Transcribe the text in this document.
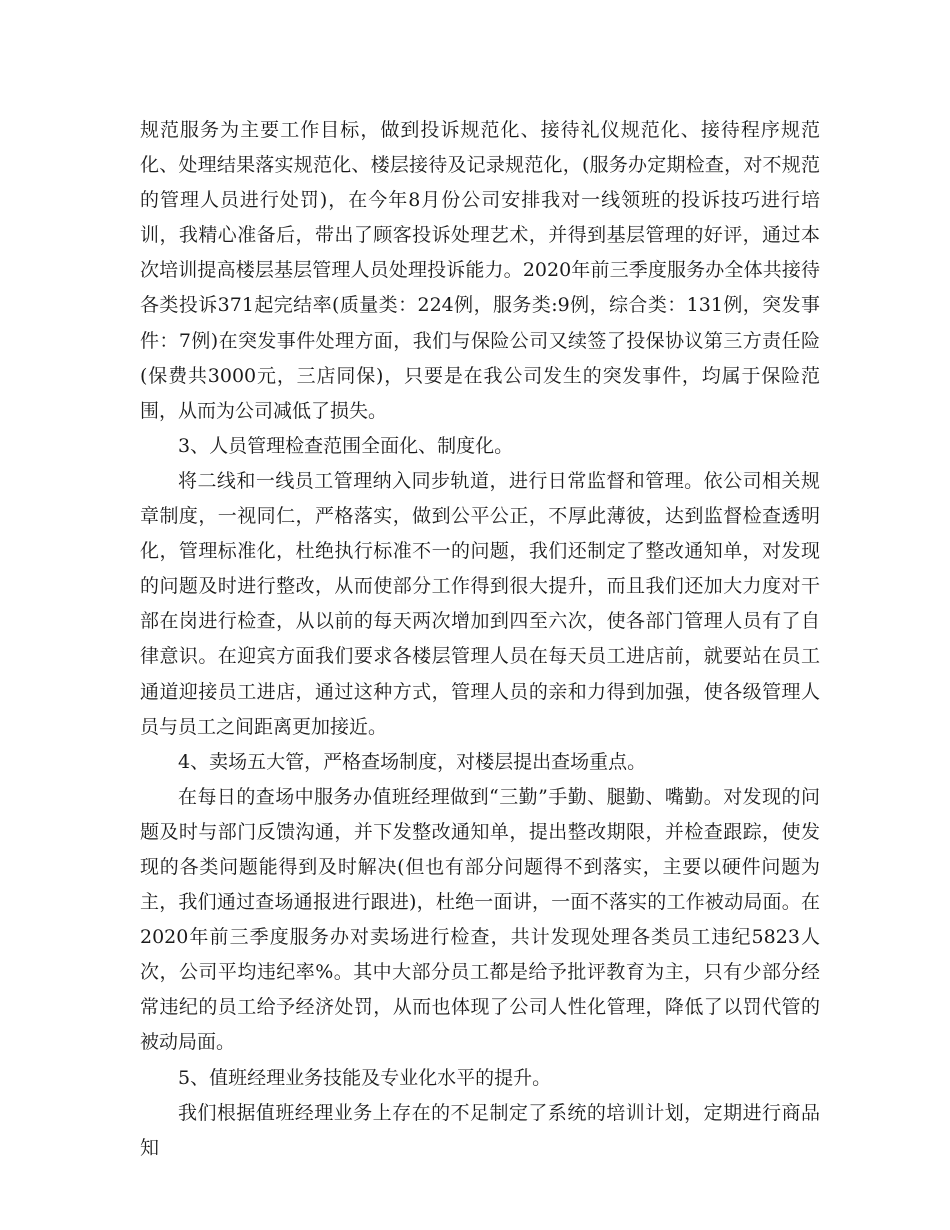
规范服务为主要工作目标，做到投诉规范化、接待礼仪规范化、接待程序规范化、处理结果落实规范化、楼层接待及记录规范化，(服务办定期检查，对不规范的管理人员进行处罚)，在今年8月份公司安排我对一线领班的投诉技巧进行培训，我精心准备后，带出了顾客投诉处理艺术，并得到基层管理的好评，通过本次培训提高楼层基层管理人员处理投诉能力。2020年前三季度服务办全体共接待各类投诉371起完结率(质量类：224例，服务类:9例，综合类：131例，突发事件：7例)在突发事件处理方面，我们与保险公司又续签了投保协议第三方责任险(保费共3000元，三店同保)，只要是在我公司发生的突发事件，均属于保险范围，从而为公司减低了损失。

3、人员管理检查范围全面化、制度化。

将二线和一线员工管理纳入同步轨道，进行日常监督和管理。依公司相关规章制度，一视同仁，严格落实，做到公平公正，不厚此薄彼，达到监督检查透明化，管理标准化，杜绝执行标准不一的问题，我们还制定了整改通知单，对发现的问题及时进行整改，从而使部分工作得到很大提升，而且我们还加大力度对干部在岗进行检查，从以前的每天两次增加到四至六次，使各部门管理人员有了自律意识。在迎宾方面我们要求各楼层管理人员在每天员工进店前，就要站在员工通道迎接员工进店，通过这种方式，管理人员的亲和力得到加强，使各级管理人员与员工之间距离更加接近。

4、卖场五大管，严格查场制度，对楼层提出查场重点。

在每日的查场中服务办值班经理做到“三勤”手勤、腿勤、嘴勤。对发现的问题及时与部门反馈沟通，并下发整改通知单，提出整改期限，并检查跟踪，使发现的各类问题能得到及时解决(但也有部分问题得不到落实，主要以硬件问题为主，我们通过查场通报进行跟进)，杜绝一面讲，一面不落实的工作被动局面。在2020年前三季度服务办对卖场进行检查，共计发现处理各类员工违纪5823人次，公司平均违纪率%。其中大部分员工都是给予批评教育为主，只有少部分经常违纪的员工给予经济处罚，从而也体现了公司人性化管理，降低了以罚代管的被动局面。

5、值班经理业务技能及专业化水平的提升。

我们根据值班经理业务上存在的不足制定了系统的培训计划，定期进行商品知
